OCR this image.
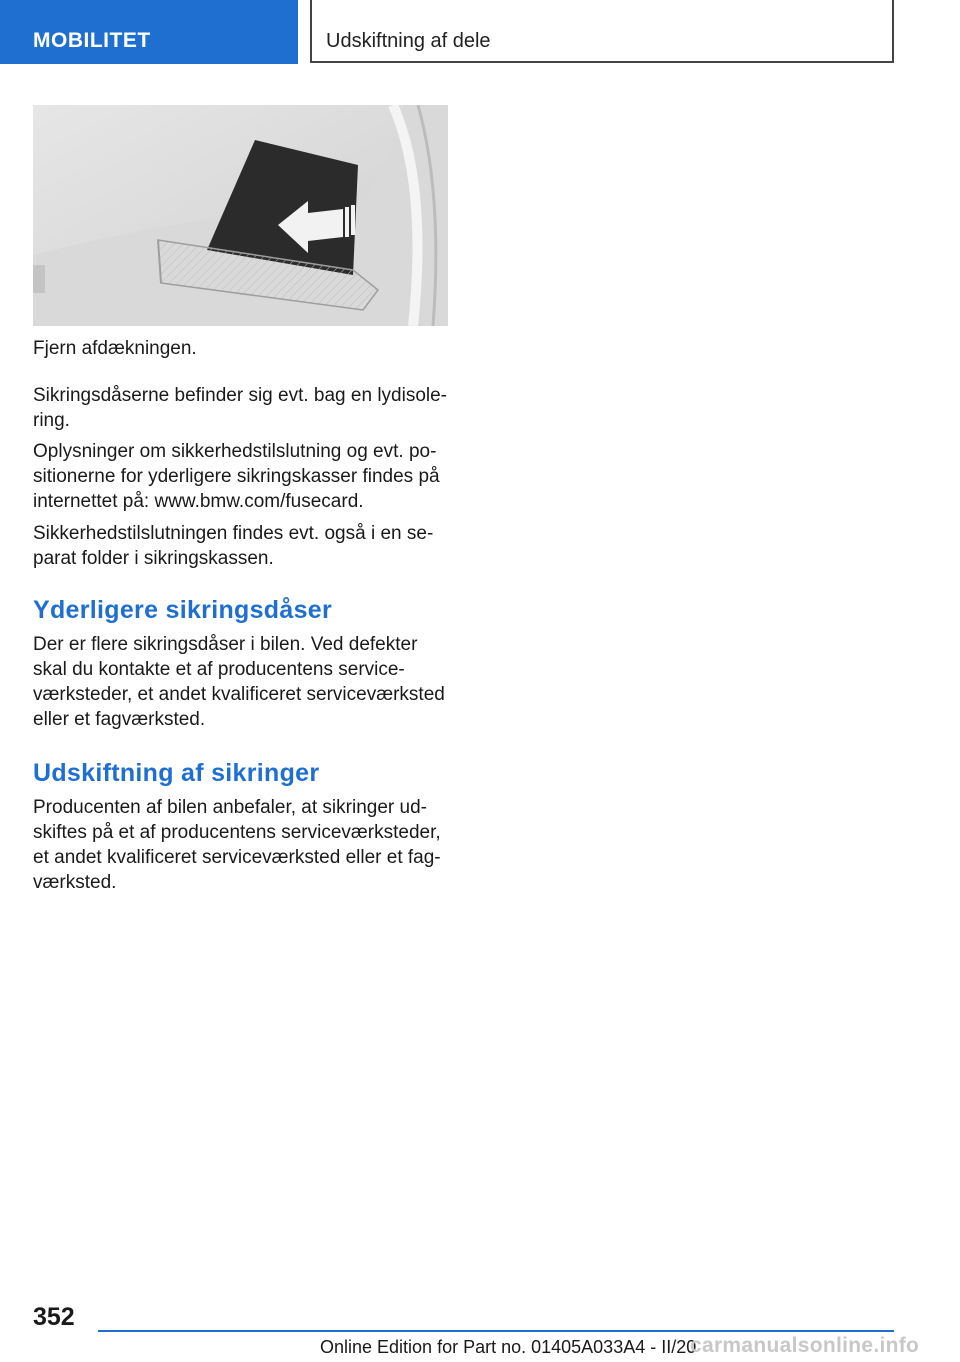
MOBILITET	Udskiftning af dele

Fjern afdækningen.

Sikringsdåserne befinder sig evt. bag en lydisole-ring.

Oplysninger om sikkerhedstilslutning og evt. po-sitionerne for yderligere sikringskasser findes på internettet på: www.bmw.com/fusecard.

Sikkerhedstilslutningen findes evt. også i en se-parat folder i sikringskassen.

Yderligere sikringsdåser

Der er flere sikringsdåser i bilen. Ved defekter skal du kontakte et af producentens service-værksteder, et andet kvalificeret serviceværksted eller et fagværksted.

Udskiftning af sikringer

Producenten af bilen anbefaler, at sikringer ud-skiftes på et af producentens serviceværksteder, et andet kvalificeret serviceværksted eller et fag-værksted.

352
Online Edition for Part no. 01405A033A4 - II/20
carmanualsonline.info
